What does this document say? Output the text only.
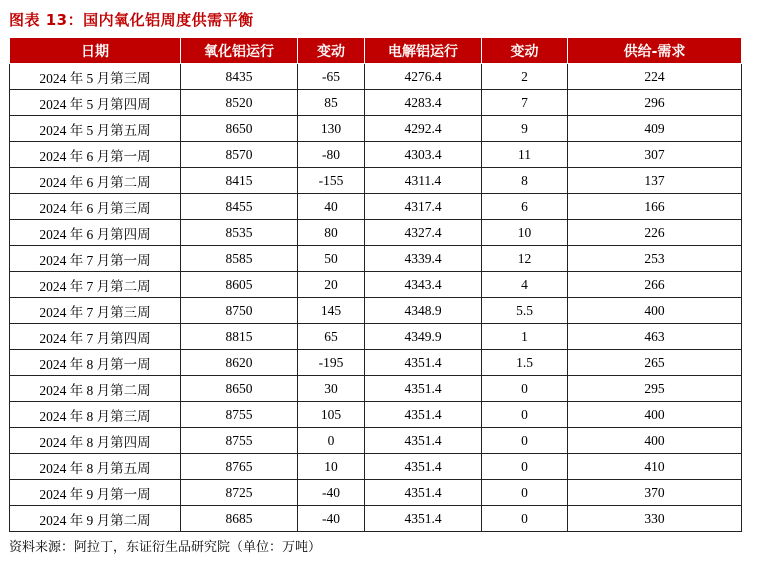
图表 13：国内氧化铝周度供需平衡
日期	氧化铝运行	变动	电解铝运行	变动	供给-需求
2024 年 5 月第三周	8435	-65	4276.4	2	224
2024 年 5 月第四周	8520	85	4283.4	7	296
2024 年 5 月第五周	8650	130	4292.4	9	409
2024 年 6 月第一周	8570	-80	4303.4	11	307
2024 年 6 月第二周	8415	-155	4311.4	8	137
2024 年 6 月第三周	8455	40	4317.4	6	166
2024 年 6 月第四周	8535	80	4327.4	10	226
2024 年 7 月第一周	8585	50	4339.4	12	253
2024 年 7 月第二周	8605	20	4343.4	4	266
2024 年 7 月第三周	8750	145	4348.9	5.5	400
2024 年 7 月第四周	8815	65	4349.9	1	463
2024 年 8 月第一周	8620	-195	4351.4	1.5	265
2024 年 8 月第二周	8650	30	4351.4	0	295
2024 年 8 月第三周	8755	105	4351.4	0	400
2024 年 8 月第四周	8755	0	4351.4	0	400
2024 年 8 月第五周	8765	10	4351.4	0	410
2024 年 9 月第一周	8725	-40	4351.4	0	370
2024 年 9 月第二周	8685	-40	4351.4	0	330
资料来源：阿拉丁，东证衍生品研究院（单位：万吨）
